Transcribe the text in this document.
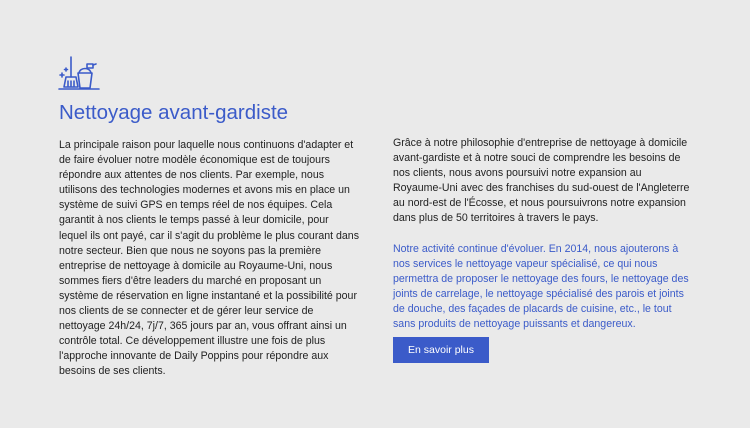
Nettoyage avant-gardiste

La principale raison pour laquelle nous continuons d'adapter et de faire évoluer notre modèle économique est de toujours répondre aux attentes de nos clients. Par exemple, nous utilisons des technologies modernes et avons mis en place un système de suivi GPS en temps réel de nos équipes. Cela garantit à nos clients le temps passé à leur domicile, pour lequel ils ont payé, car il s'agit du problème le plus courant dans notre secteur. Bien que nous ne soyons pas la première entreprise de nettoyage à domicile au Royaume-Uni, nous sommes fiers d'être leaders du marché en proposant un système de réservation en ligne instantané et la possibilité pour nos clients de se connecter et de gérer leur service de nettoyage 24h/24, 7j/7, 365 jours par an, vous offrant ainsi un contrôle total. Ce développement illustre une fois de plus l'approche innovante de Daily Poppins pour répondre aux besoins de ses clients.

Grâce à notre philosophie d'entreprise de nettoyage à domicile avant-gardiste et à notre souci de comprendre les besoins de nos clients, nous avons poursuivi notre expansion au Royaume-Uni avec des franchises du sud-ouest de l'Angleterre au nord-est de l'Écosse, et nous poursuivrons notre expansion dans plus de 50 territoires à travers le pays.

Notre activité continue d'évoluer. En 2014, nous ajouterons à nos services le nettoyage vapeur spécialisé, ce qui nous permettra de proposer le nettoyage des fours, le nettoyage des joints de carrelage, le nettoyage spécialisé des parois et joints de douche, des façades de placards de cuisine, etc., le tout sans produits de nettoyage puissants et dangereux.

En savoir plus
